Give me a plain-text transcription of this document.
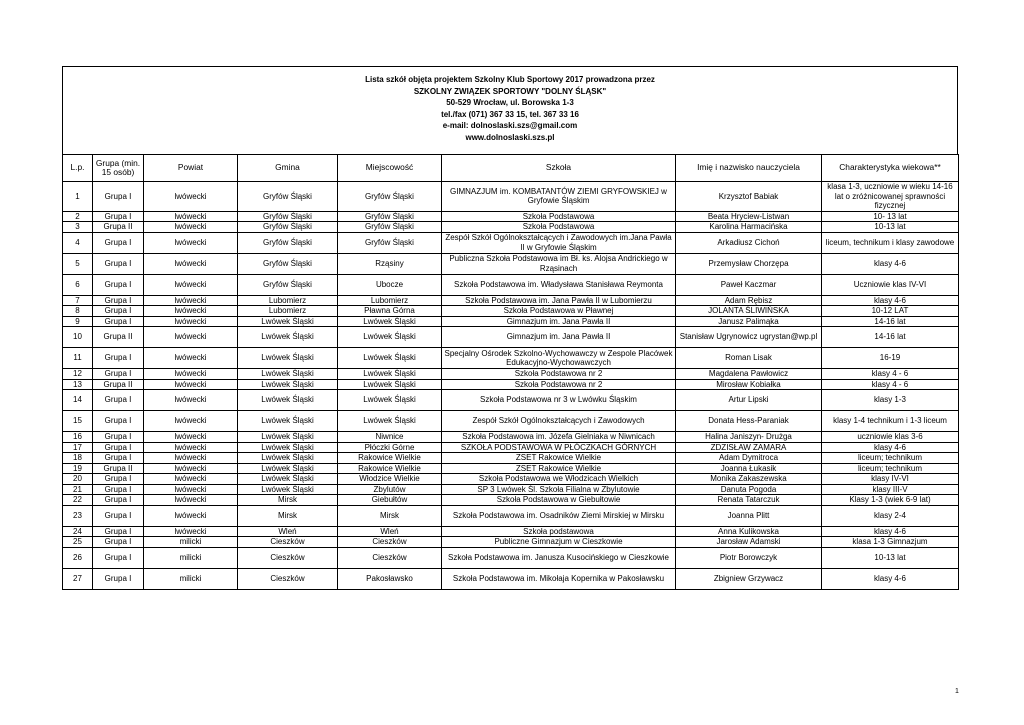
Lista szkół objęta projektem Szkolny Klub Sportowy 2017 prowadzona przez
SZKOLNY ZWIĄZEK SPORTOWY "DOLNY ŚLĄSK"
50-529 Wrocław, ul. Borowska 1-3
tel./fax (071) 367 33 15, tel. 367 33 16
e-mail: dolnoslaski.szs@gmail.com
www.dolnoslaski.szs.pl
L.p.	Grupa (min. 15 osób)	Powiat	Gmina	Miejscowość	Szkoła	Imię i nazwisko nauczyciela	Charakterystyka wiekowa**
1	Grupa I	lwówecki	Gryfów Śląski	Gryfów Śląski	GIMNAZJUM im. KOMBATANTÓW ZIEMI GRYFOWSKIEJ w Gryfowie Śląskim	Krzysztof Babiak	klasa 1-3, uczniowie w wieku 14-16 lat o zróżnicowanej sprawności fizycznej
2	Grupa I	lwówecki	Gryfów Śląski	Gryfów Śląski	Szkoła Podstawowa	Beata Hryciew-Listwan	10- 13 lat
3	Grupa II	lwówecki	Gryfów Śląski	Gryfów Śląski	Szkoła Podstawowa	Karolina Harmacińska	10-13 lat
4	Grupa I	lwówecki	Gryfów Śląski	Gryfów Śląski	Zespół Szkół Ogólnokształcących i Zawodowych im.Jana Pawła II w Gryfowie Śląskim	Arkadiusz Cichoń	liceum, technikum i klasy zawodowe
5	Grupa I	lwówecki	Gryfów Śląski	Rząsiny	Publiczna Szkoła Podstawowa im Bł. ks. Alojsa Andrickiego w Rząsinach	Przemysław Chorzępa	klasy 4-6
6	Grupa I	lwówecki	Gryfów Śląski	Ubocze	Szkoła Podstawowa im. Władysława Stanisława Reymonta	Paweł Kaczmar	Uczniowie klas IV-VI
7	Grupa I	lwówecki	Lubomierz	Lubomierz	Szkoła Podstawowa im. Jana Pawła II w Lubomierzu	Adam Rębisz	klasy 4-6
8	Grupa I	lwówecki	Lubomierz	Pławna Górna	Szkoła Podstawowa w Pławnej	JOLANTA ŚLIWIŃSKA	10-12 LAT
9	Grupa I	lwówecki	Lwówek Śląski	Lwówek Śląski	Gimnazjum im. Jana Pawła II	Janusz Palimąka	14-16 lat
10	Grupa II	lwówecki	Lwówek Śląski	Lwówek Śląski	Gimnazjum im. Jana Pawła II	Stanisław Ugrynowicz ugrystan@wp.pl	14-16 lat
11	Grupa I	lwówecki	Lwówek Śląski	Lwówek Śląski	Specjalny Ośrodek Szkolno-Wychowawczy w Zespole Placówek Edukacyjno-Wychowawczych	Roman Lisak	16-19
12	Grupa I	lwówecki	Lwówek Śląski	Lwówek Śląski	Szkoła Podstawowa nr 2	Magdalena Pawłowicz	klasy 4 - 6
13	Grupa II	lwówecki	Lwówek Śląski	Lwówek Śląski	Szkoła Podstawowa nr 2	Mirosław Kobiałka	klasy 4 - 6
14	Grupa I	lwówecki	Lwówek Śląski	Lwówek Śląski	Szkoła Podstawowa nr 3 w Lwówku Śląskim	Artur Lipski	klasy 1-3
15	Grupa I	lwówecki	Lwówek Śląski	Lwówek Śląski	Zespół Szkół Ogólnokształcących i Zawodowych	Donata Hess-Paraniak	klasy 1-4 technikum i 1-3 liceum
16	Grupa I	lwówecki	Lwówek Śląski	Niwnice	Szkoła Podstawowa im. Józefa Gielniaka w Niwnicach	Halina Janiszyn- Drużga	uczniowie klas 3-6
17	Grupa I	lwówecki	Lwówek Śląski	Płóczki Górne	SZKOŁA PODSTAWOWA W PŁÓCZKACH GÓRNYCH	ZDZISŁAW ZAMARA	klasy 4-6
18	Grupa I	lwówecki	Lwówek Śląski	Rakowice Wielkie	ZSET Rakowice Wielkie	Adam Dymitroca	liceum; technikum
19	Grupa II	lwówecki	Lwówek Śląski	Rakowice Wielkie	ZSET Rakowice Wielkie	Joanna Łukasik	liceum; technikum
20	Grupa I	lwówecki	Lwówek Śląski	Włodzice Wielkie	Szkoła Podstawowa we Włodzicach Wielkich	Monika Zakaszewska	klasy IV-VI
21	Grupa I	lwówecki	Lwówek Śląski	Zbylutów	SP 3 Lwówek Śl. Szkoła Filialna w Zbylutowie	Danuta Pogoda	klasy III-V
22	Grupa I	lwówecki	Mirsk	Giebułtów	Szkoła Podstawowa w Giebułtowie	Renata Tatarczuk	Klasy 1-3 (wiek 6-9 lat)
23	Grupa I	lwówecki	Mirsk	Mirsk	Szkoła Podstawowa im. Osadników Ziemi Mirskiej w Mirsku	Joanna Plitt	klasy 2-4
24	Grupa I	lwówecki	Wleń	Wleń	Szkoła podstawowa	Anna Kulikowska	klasy 4-6
25	Grupa I	milicki	Cieszków	Cieszków	Publiczne Gimnazjum w Cieszkowie	Jarosław Adamski	klasa 1-3 Gimnazjum
26	Grupa I	milicki	Cieszków	Cieszków	Szkoła Podstawowa im. Janusza Kusocińskiego w Cieszkowie	Piotr Borowczyk	10-13 lat
27	Grupa I	milicki	Cieszków	Pakosławsko	Szkoła Podstawowa im. Mikołaja Kopernika w Pakosławsku	Zbigniew Grzywacz	klasy 4-6
1
